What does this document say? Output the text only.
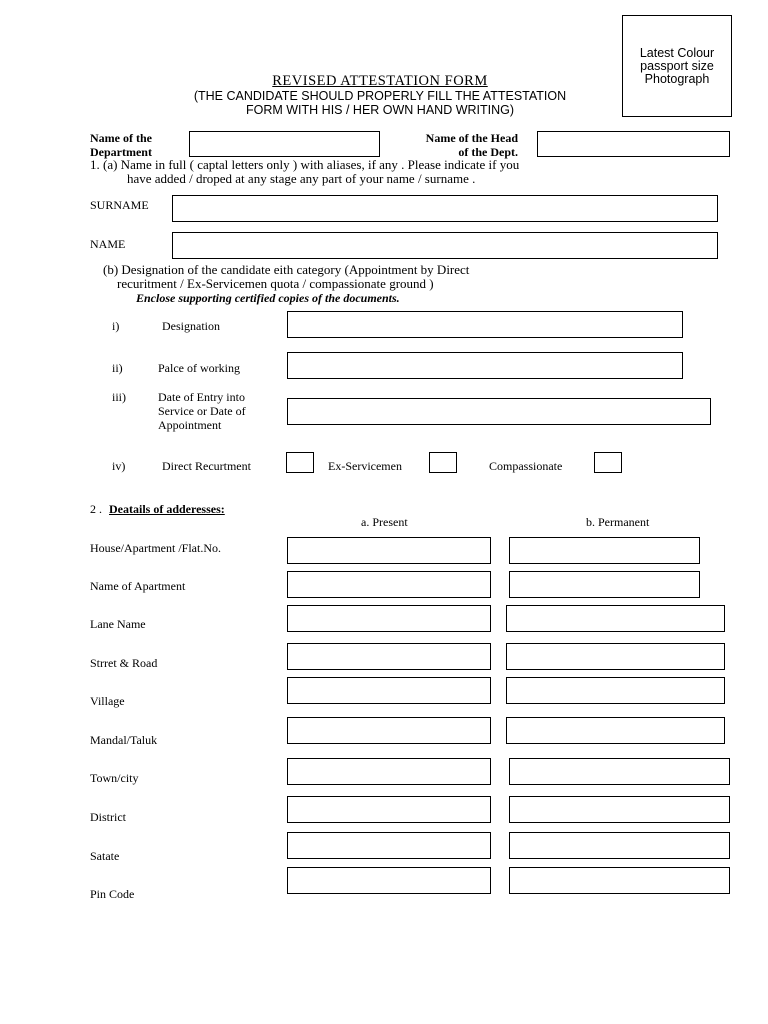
Latest Colour passport size Photograph
REVISED ATTESTATION FORM
(THE CANDIDATE SHOULD PROPERLY FILL THE ATTESTATION
FORM WITH HIS / HER OWN HAND WRITING)
Name of the
Department
Name of the Head
of the Dept.
1. (a) Name in full ( captal letters only ) with aliases, if any . Please indicate if you
have added / droped at any stage any part of your name / surname .
SURNAME
NAME
(b) Designation of the candidate eith category (Appointment by Direct
recuritment / Ex-Servicemen quota / compassionate ground )
Enclose supporting certified copies of the documents.
i)	Designation
ii)	Palce of working
iii)	Date of Entry into
Service or Date of
Appointment
iv)	Direct Recurtment	Ex-Servicemen	Compassionate
2 . Deatails of adderesses:
a. Present	b. Permanent
House/Apartment /Flat.No.
Name of Apartment
Lane Name
Strret & Road
Village
Mandal/Taluk
Town/city
District
Satate
Pin Code
